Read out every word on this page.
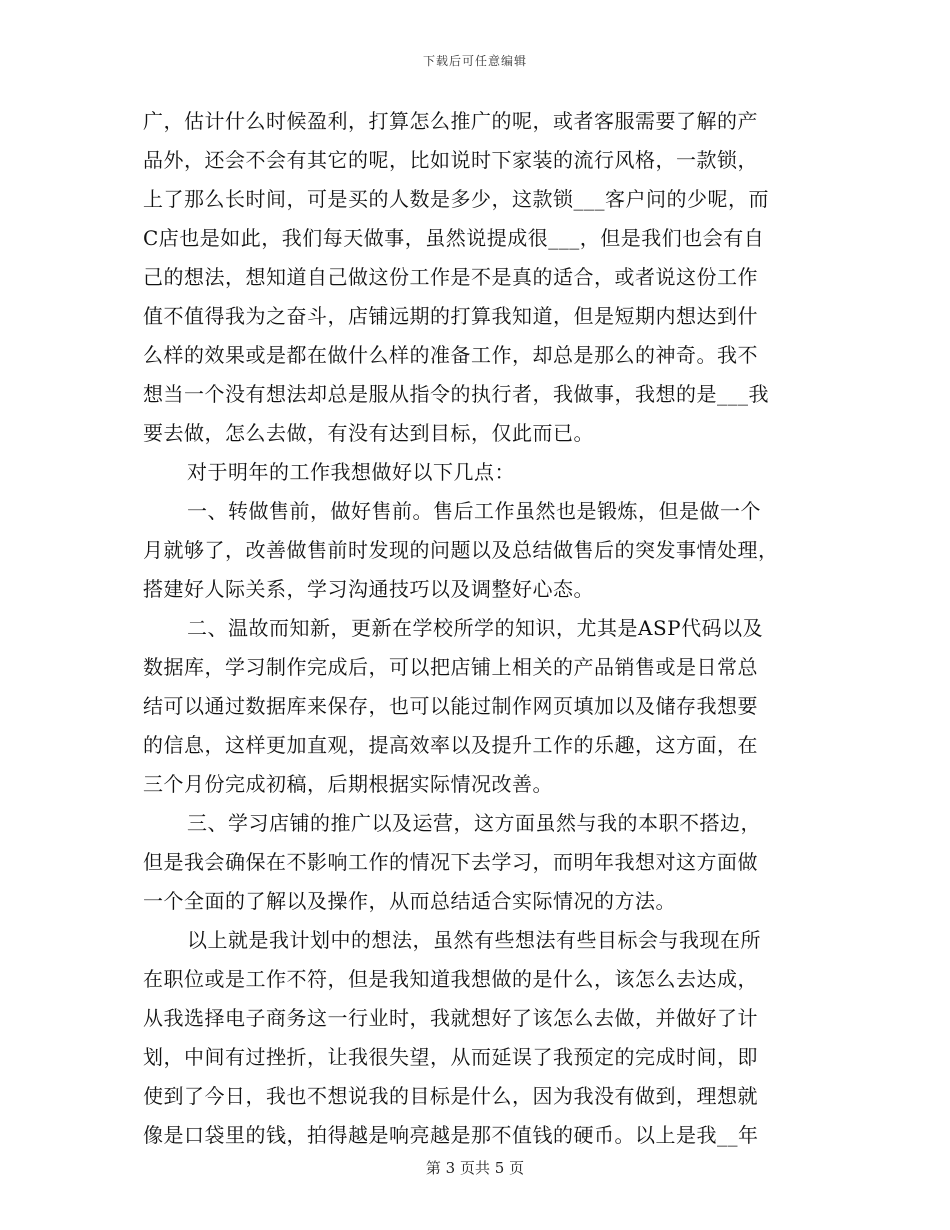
下载后可任意编辑
广，估计什么时候盈利，打算怎么推广的呢，或者客服需要了解的产
品外，还会不会有其它的呢，比如说时下家装的流行风格，一款锁，
上了那么长时间，可是买的人数是多少，这款锁___客户问的少呢，而
C店也是如此，我们每天做事，虽然说提成很___，但是我们也会有自
己的想法，想知道自己做这份工作是不是真的适合，或者说这份工作
值不值得我为之奋斗，店铺远期的打算我知道，但是短期内想达到什
么样的效果或是都在做什么样的准备工作，却总是那么的神奇。我不
想当一个没有想法却总是服从指令的执行者，我做事，我想的是___我
要去做，怎么去做，有没有达到目标，仅此而已。
对于明年的工作我想做好以下几点：
一、转做售前，做好售前。售后工作虽然也是锻炼，但是做一个
月就够了，改善做售前时发现的问题以及总结做售后的突发事情处理，
搭建好人际关系，学习沟通技巧以及调整好心态。
二、温故而知新，更新在学校所学的知识，尤其是ASP代码以及
数据库，学习制作完成后，可以把店铺上相关的产品销售或是日常总
结可以通过数据库来保存，也可以能过制作网页填加以及储存我想要
的信息，这样更加直观，提高效率以及提升工作的乐趣，这方面，在
三个月份完成初稿，后期根据实际情况改善。
三、学习店铺的推广以及运营，这方面虽然与我的本职不搭边，
但是我会确保在不影响工作的情况下去学习，而明年我想对这方面做
一个全面的了解以及操作，从而总结适合实际情况的方法。
以上就是我计划中的想法，虽然有些想法有些目标会与我现在所
在职位或是工作不符，但是我知道我想做的是什么，该怎么去达成，
从我选择电子商务这一行业时，我就想好了该怎么去做，并做好了计
划，中间有过挫折，让我很失望，从而延误了我预定的完成时间，即
使到了今日，我也不想说我的目标是什么，因为我没有做到，理想就
像是口袋里的钱，拍得越是响亮越是那不值钱的硬币。以上是我__年
第 3 页共 5 页
